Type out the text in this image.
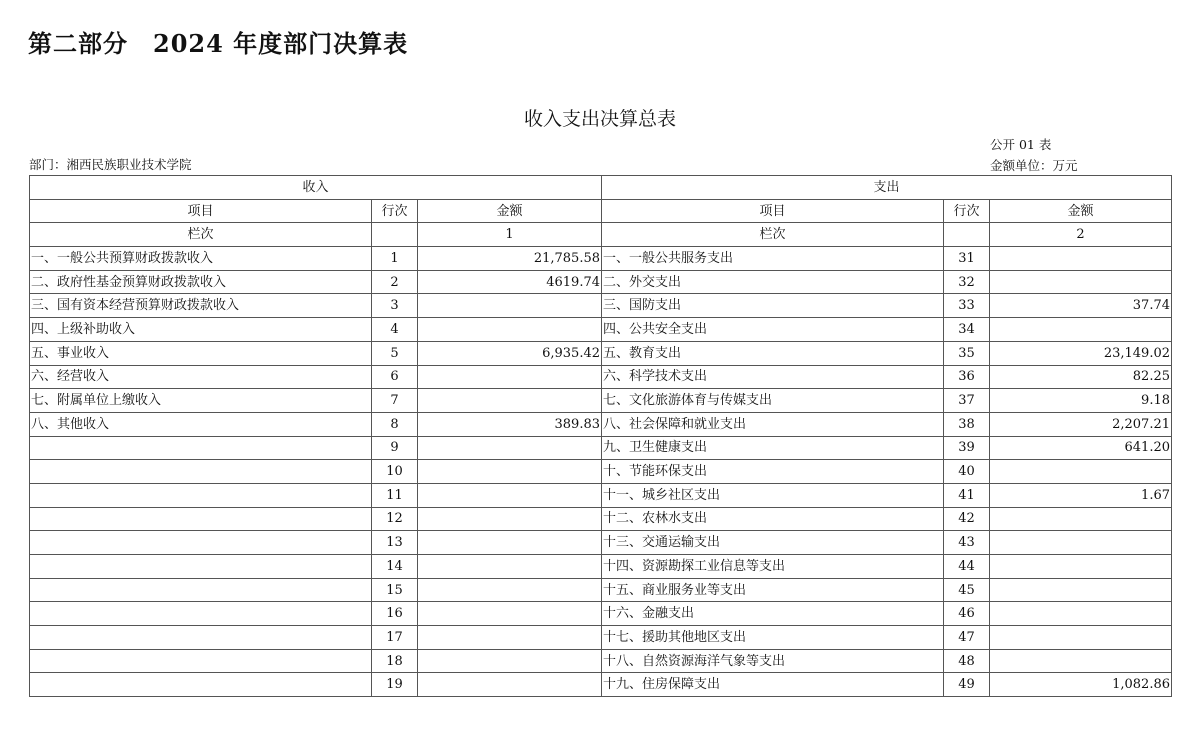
第二部分　2024 年度部门决算表
收入支出决算总表
公开 01 表
金额单位：万元
部门：湘西民族职业技术学院
收入			支出		
项目	行次	金额	项目	行次	金额
栏次		1	栏次		2
一、一般公共预算财政拨款收入	1	21,785.58	一、一般公共服务支出	31	
二、政府性基金预算财政拨款收入	2	4619.74	二、外交支出	32	
三、国有资本经营预算财政拨款收入	3		三、国防支出	33	37.74
四、上级补助收入	4		四、公共安全支出	34	
五、事业收入	5	6,935.42	五、教育支出	35	23,149.02
六、经营收入	6		六、科学技术支出	36	82.25
七、附属单位上缴收入	7		七、文化旅游体育与传媒支出	37	9.18
八、其他收入	8	389.83	八、社会保障和就业支出	38	2,207.21
	9		九、卫生健康支出	39	641.20
	10		十、节能环保支出	40	
	11		十一、城乡社区支出	41	1.67
	12		十二、农林水支出	42	
	13		十三、交通运输支出	43	
	14		十四、资源勘探工业信息等支出	44	
	15		十五、商业服务业等支出	45	
	16		十六、金融支出	46	
	17		十七、援助其他地区支出	47	
	18		十八、自然资源海洋气象等支出	48	
	19		十九、住房保障支出	49	1,082.86
